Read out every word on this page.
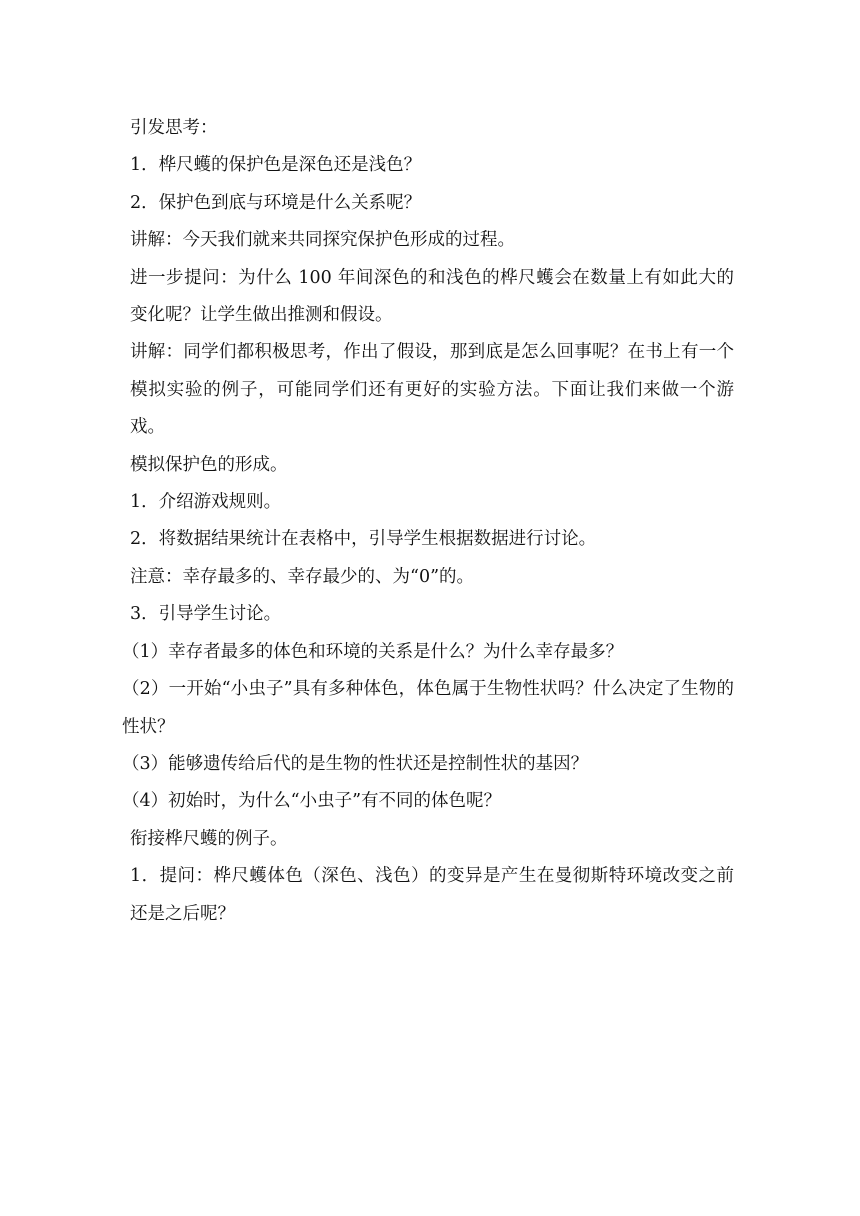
引发思考：

1．桦尺蠖的保护色是深色还是浅色？

2．保护色到底与环境是什么关系呢？

讲解：今天我们就来共同探究保护色形成的过程。

进一步提问：为什么 100 年间深色的和浅色的桦尺蠖会在数量上有如此大的变化呢？让学生做出推测和假设。

讲解：同学们都积极思考，作出了假设，那到底是怎么回事呢？在书上有一个模拟实验的例子，可能同学们还有更好的实验方法。下面让我们来做一个游戏。

模拟保护色的形成。

1．介绍游戏规则。

2．将数据结果统计在表格中，引导学生根据数据进行讨论。

注意：幸存最多的、幸存最少的、为“0”的。

3．引导学生讨论。

（1）幸存者最多的体色和环境的关系是什么？为什么幸存最多？

（2）一开始“小虫子”具有多种体色，体色属于生物性状吗？什么决定了生物的性状？

（3）能够遗传给后代的是生物的性状还是控制性状的基因？

（4）初始时，为什么“小虫子”有不同的体色呢？

衔接桦尺蠖的例子。

1．提问：桦尺蠖体色（深色、浅色）的变异是产生在曼彻斯特环境改变之前还是之后呢？
